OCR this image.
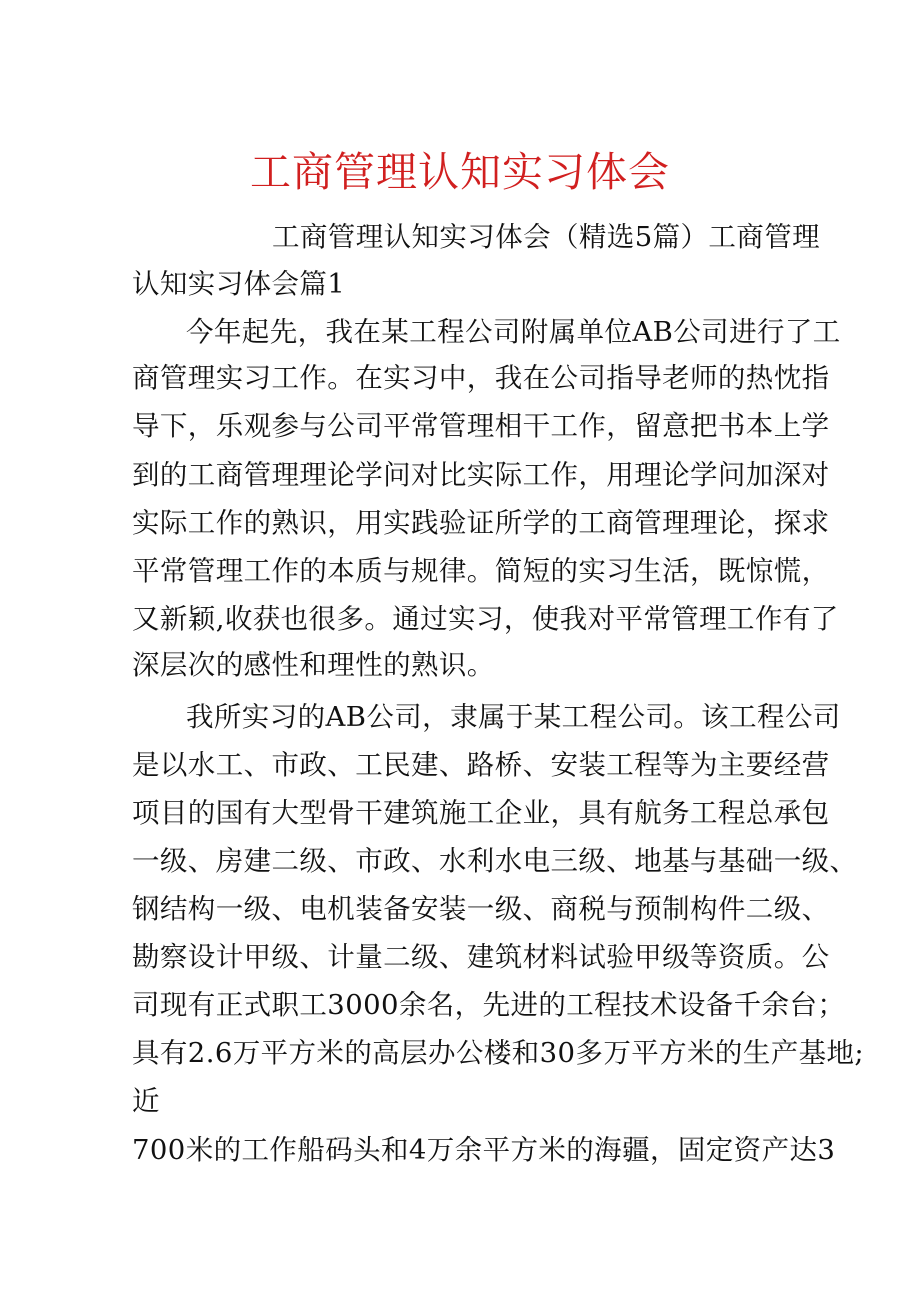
工商管理认知实习体会
工商管理认知实习体会（精选5篇）工商管理
认知实习体会篇1
今年起先，我在某工程公司附属单位AB公司进行了工
商管理实习工作。在实习中，我在公司指导老师的热忱指
导下，乐观参与公司平常管理相干工作，留意把书本上学
到的工商管理理论学问对比实际工作，用理论学问加深对
实际工作的熟识，用实践验证所学的工商管理理论，探求
平常管理工作的本质与规律。简短的实习生活，既惊慌，
又新颖,收获也很多。通过实习，使我对平常管理工作有了
深层次的感性和理性的熟识。
我所实习的AB公司，隶属于某工程公司。该工程公司
是以水工、市政、工民建、路桥、安装工程等为主要经营
项目的国有大型骨干建筑施工企业，具有航务工程总承包
一级、房建二级、市政、水利水电三级、地基与基础一级、
钢结构一级、电机装备安装一级、商税与预制构件二级、
勘察设计甲级、计量二级、建筑材料试验甲级等资质。公
司现有正式职工3000余名，先进的工程技术设备千余台；
具有2.6万平方米的高层办公楼和30多万平方米的生产基地;
近
700米的工作船码头和4万余平方米的海疆，固定资产达3
